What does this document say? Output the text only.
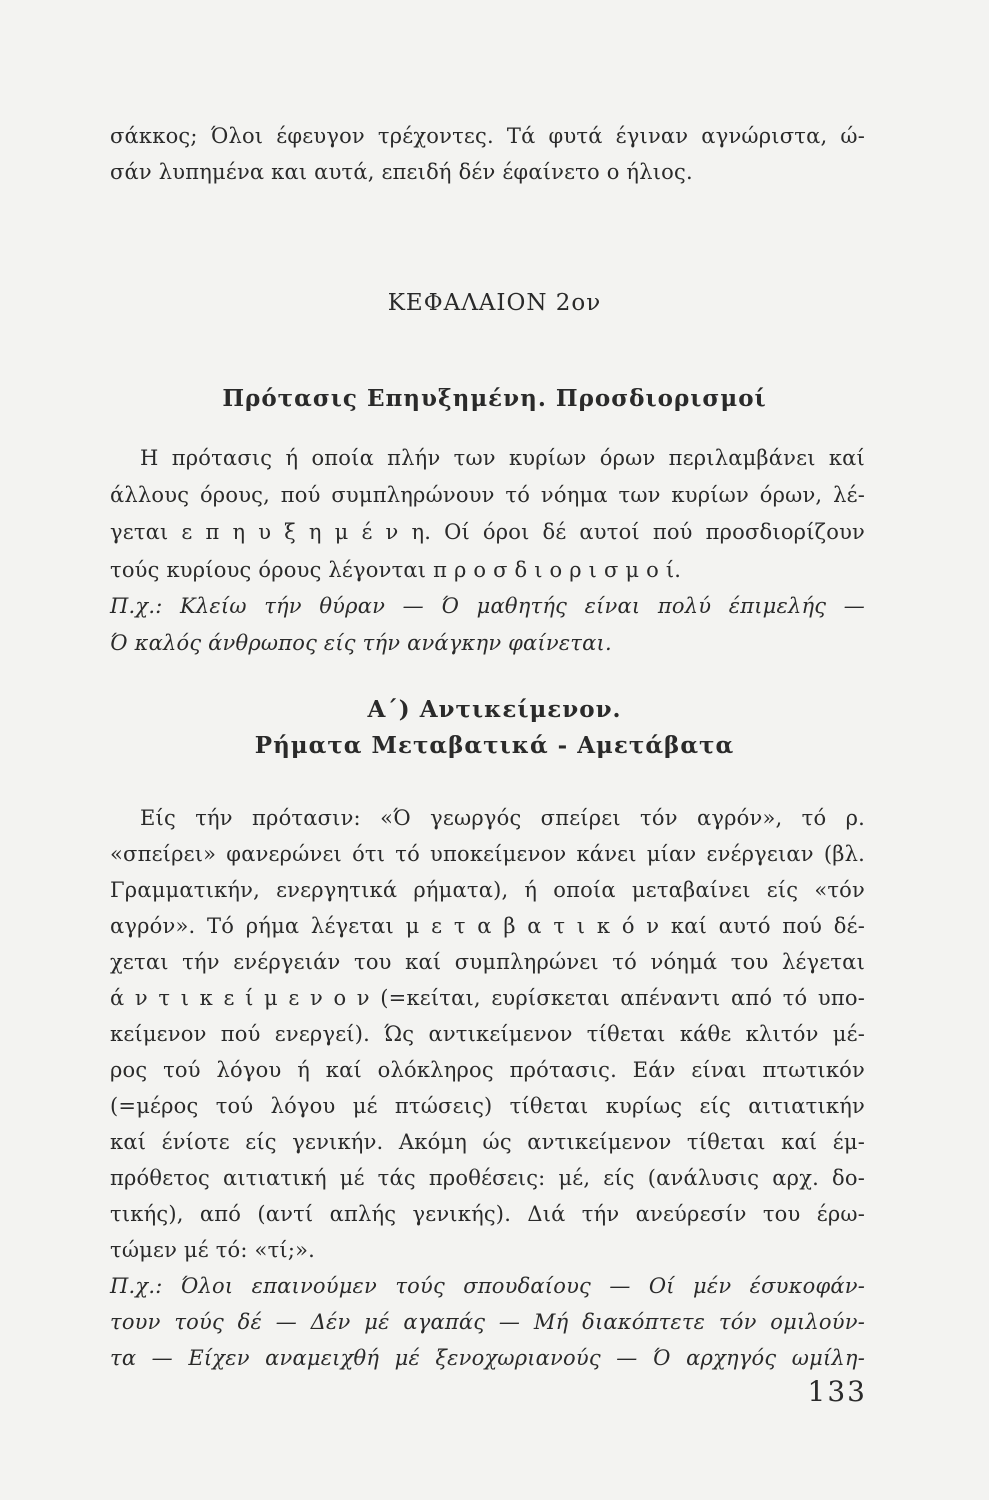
σάκκος; Όλοι έφευγον τρέχοντες. Τά φυτά έγιναν αγνώριστα, ώ-
σάν λυπημένα και αυτά, επειδή δέν έφαίνετο ο ήλιος.
ΚΕΦΑΛΑΙΟΝ 2ον
Πρότασις Επηυξημένη. Προσδιορισμοί
Η πρότασις ή οποία πλήν των κυρίων όρων περιλαμβάνει καί
άλλους όρους, πού συμπληρώνουν τό νόημα των κυρίων όρων, λέ-
γεται ε π η υ ξ η μ έ ν η. Οί όροι δέ αυτοί πού προσδιορίζουν
τούς κυρίους όρους λέγονται π ρ ο σ δ ι ο ρ ι σ μ ο ί.
Π.χ.: Κλείω τήν θύραν — Ό μαθητής είναι πολύ έπιμελής —
Ό καλός άνθρωπος είς τήν ανάγκην φαίνεται.
Α΄) Αντικείμενον.
Ρήματα Μεταβατικά - Αμετάβατα
Είς τήν πρότασιν: «Ό γεωργός σπείρει τόν αγρόν», τό ρ.
«σπείρει» φανερώνει ότι τό υποκείμενον κάνει μίαν ενέργειαν (βλ.
Γραμματικήν, ενεργητικά ρήματα), ή οποία μεταβαίνει είς «τόν
αγρόν». Τό ρήμα λέγεται μ ε τ α β α τ ι κ ό ν καί αυτό πού δέ-
χεται τήν ενέργειάν του καί συμπληρώνει τό νόημά του λέγεται
ά ν τ ι κ ε ί μ ε ν ο ν (=κείται, ευρίσκεται απέναντι από τό υπο-
κείμενον πού ενεργεί). Ώς αντικείμενον τίθεται κάθε κλιτόν μέ-
ρος τού λόγου ή καί ολόκληρος πρότασις. Εάν είναι πτωτικόν
(=μέρος τού λόγου μέ πτώσεις) τίθεται κυρίως είς αιτιατικήν
καί ένίοτε είς γενικήν. Ακόμη ώς αντικείμενον τίθεται καί έμ-
πρόθετος αιτιατική μέ τάς προθέσεις: μέ, είς (ανάλυσις αρχ. δο-
τικής), από (αντί απλής γενικής). Διά τήν ανεύρεσίν του έρω-
τώμεν μέ τό: «τί;».
Π.χ.: Όλοι επαινούμεν τούς σπουδαίους — Οί μέν έσυκοφάν-
τουν τούς δέ — Δέν μέ αγαπάς — Μή διακόπτετε τόν ομιλούν-
τα — Είχεν αναμειχθή μέ ξενοχωριανούς — Ό αρχηγός ωμίλη-
133
